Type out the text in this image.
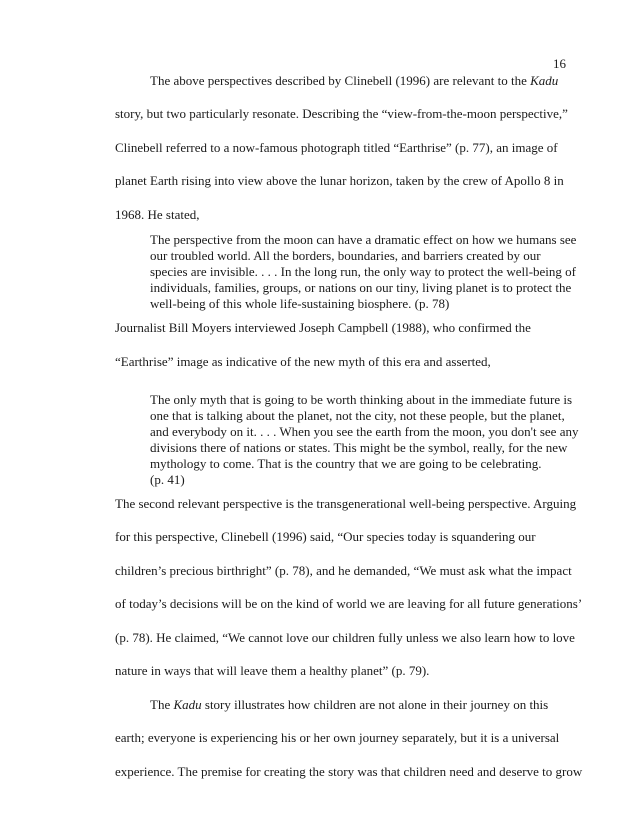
16
The above perspectives described by Clinebell (1996) are relevant to the Kadu
story, but two particularly resonate. Describing the “view-from-the-moon perspective,”
Clinebell referred to a now-famous photograph titled “Earthrise” (p. 77), an image of
planet Earth rising into view above the lunar horizon, taken by the crew of Apollo 8 in
1968. He stated,
The perspective from the moon can have a dramatic effect on how we humans see
our troubled world. All the borders, boundaries, and barriers created by our
species are invisible. . . . In the long run, the only way to protect the well-being of
individuals, families, groups, or nations on our tiny, living planet is to protect the
well-being of this whole life-sustaining biosphere. (p. 78)
Journalist Bill Moyers interviewed Joseph Campbell (1988), who confirmed the
“Earthrise” image as indicative of the new myth of this era and asserted,
The only myth that is going to be worth thinking about in the immediate future is
one that is talking about the planet, not the city, not these people, but the planet,
and everybody on it. . . . When you see the earth from the moon, you don't see any
divisions there of nations or states. This might be the symbol, really, for the new
mythology to come. That is the country that we are going to be celebrating.
(p. 41)
The second relevant perspective is the transgenerational well-being perspective. Arguing
for this perspective, Clinebell (1996) said, “Our species today is squandering our
children’s precious birthright” (p. 78), and he demanded, “We must ask what the impact
of today’s decisions will be on the kind of world we are leaving for all future generations’
(p. 78). He claimed, “We cannot love our children fully unless we also learn how to love
nature in ways that will leave them a healthy planet” (p. 79).
The Kadu story illustrates how children are not alone in their journey on this
earth; everyone is experiencing his or her own journey separately, but it is a universal
experience. The premise for creating the story was that children need and deserve to grow
